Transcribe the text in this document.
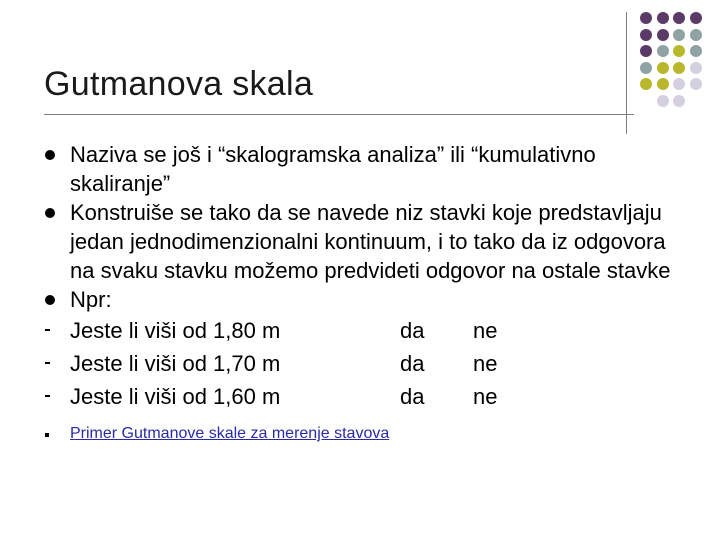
Gutmanova skala
Naziva se još i “skalogramska analiza” ili “kumulativno skaliranje”
Konstruiše se tako da se navede niz stavki koje predstavljaju jedan jednodimenzionalni kontinuum, i to tako da iz odgovora na svaku stavku možemo predvideti odgovor na ostale stavke
Npr:
Jeste li viši od 1,80 m	da ne
Jeste li viši od 1,70 m	da ne
Jeste li viši od 1,60 m	da ne
Primer Gutmanove skale za merenje stavova
